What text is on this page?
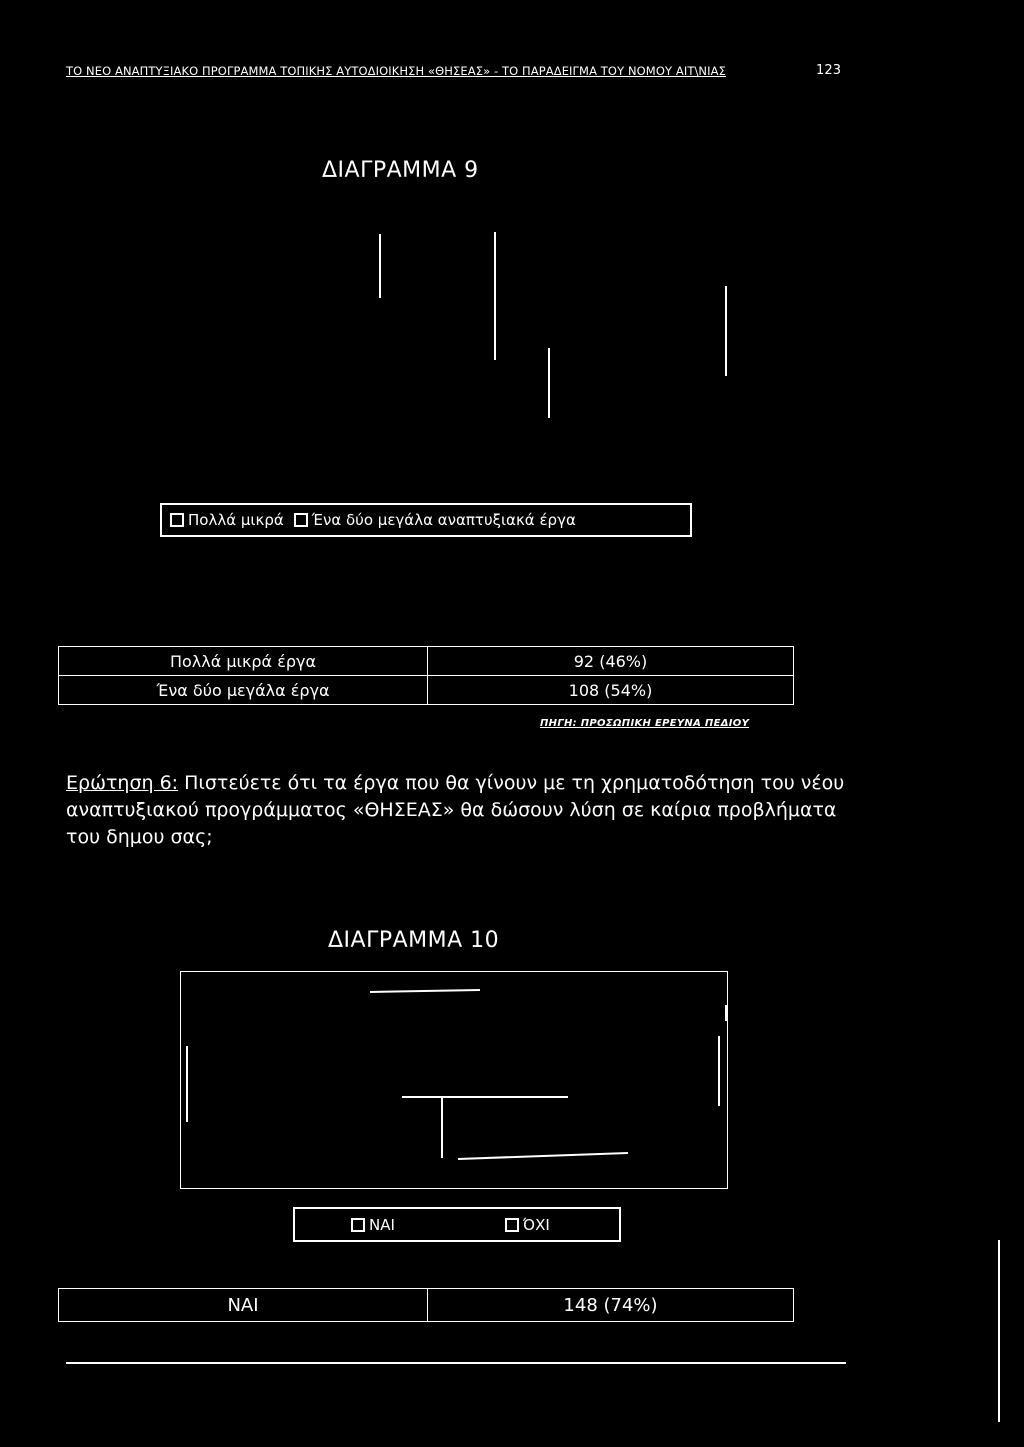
ΤΟ ΝΕΟ ΑΝΑΠΤΥΞΙΑΚΟ ΠΡΟΓΡΑΜΜΑ ΤΟΠΙΚΗΣ ΑΥΤΟΔΙΟΙΚΗΣΗ «ΘΗΣΕΑΣ» - ΤΟ ΠΑΡΑΔΕΙΓΜΑ ΤΟΥ ΝΟΜΟΥ ΑΙΤ\ΝΙΑΣ	123
ΔΙΑΓΡΑΜΜΑ 9
Πολλά μικρά Ένα δύο μεγάλα αναπτυξιακά έργα
Πολλά μικρά έργα	92 (46%)
Ένα δύο μεγάλα έργα	108 (54%)
ΠΗΓΗ: ΠΡΟΣΩΠΙΚΗ ΕΡΕΥΝΑ ΠΕΔΙΟΥ
Ερώτηση 6: Πιστεύετε ότι τα έργα που θα γίνουν με τη χρηματοδότηση του νέου αναπτυξιακού προγράμματος «ΘΗΣΕΑΣ» θα δώσουν λύση σε καίρια προβλήματα του δημου σας;
ΔΙΑΓΡΑΜΜΑ 10
ΝΑΙ	ΌΧΙ
ΝΑΙ	148 (74%)
